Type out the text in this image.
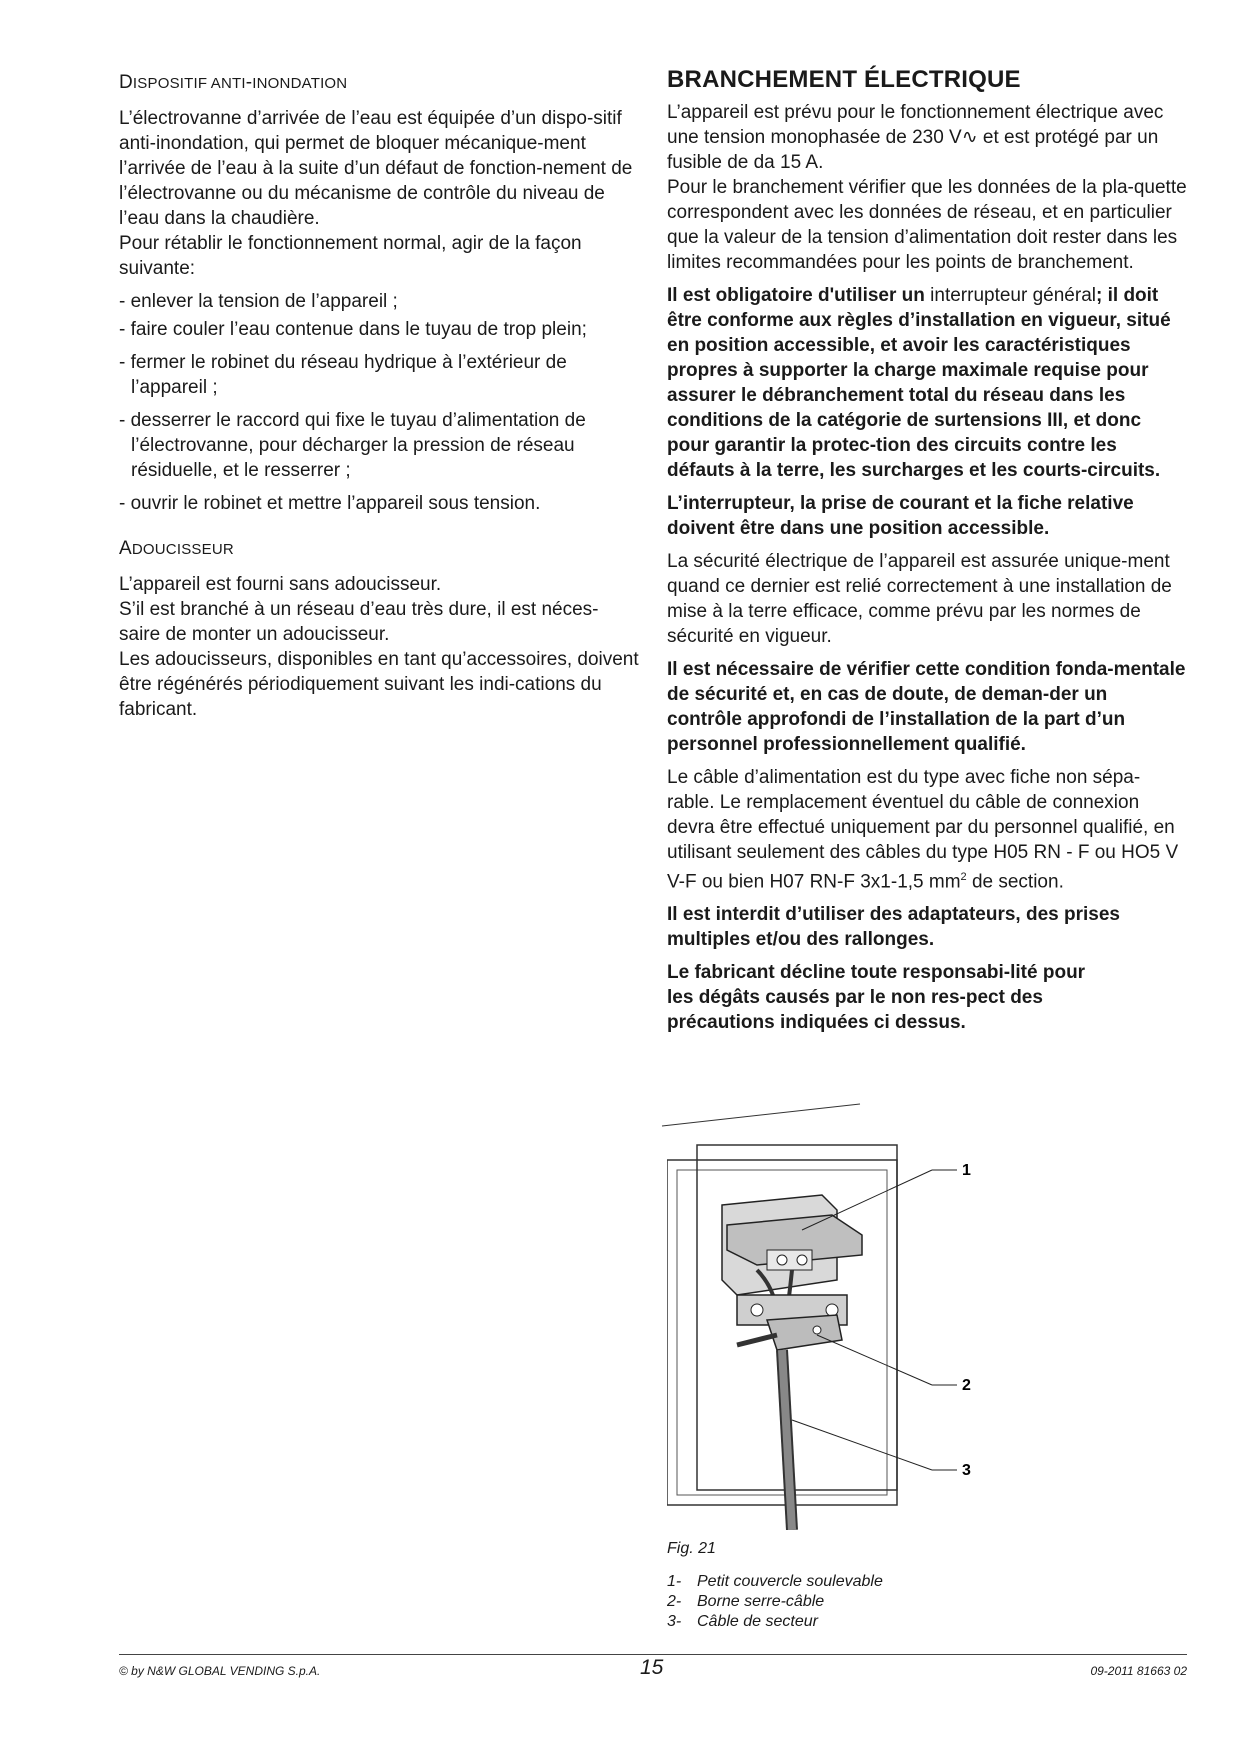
DISPOSITIF ANTI-INONDATION

L’électrovanne d’arrivée de l’eau est équipée d’un dispo-sitif anti-inondation, qui permet de bloquer mécanique-ment l’arrivée de l’eau à la suite d’un défaut de fonction-nement de l’électrovanne ou du mécanisme de contrôle du niveau de l’eau dans la chaudière.

Pour rétablir le fonctionnement normal, agir de la façon suivante:

- enlever la tension de l’appareil ;
- faire couler l’eau contenue dans le tuyau de trop plein;
- fermer le robinet du réseau hydrique à l’extérieur de l’appareil ;
- desserrer le raccord qui fixe le tuyau d’alimentation de l’électrovanne, pour décharger la pression de réseau résiduelle, et le resserrer ;
- ouvrir le robinet et mettre l’appareil sous tension.
ADOUCISSEUR

L’appareil est fourni sans adoucisseur.

S’il est branché à un réseau d’eau très dure, il est néces-saire de monter un adoucisseur.

Les adoucisseurs, disponibles en tant qu’accessoires, doivent être régénérés périodiquement suivant les indi-cations du fabricant.

BRANCHEMENT ÉLECTRIQUE

L’appareil est prévu pour le fonctionnement électrique avec une tension monophasée de 230 V∿ et est protégé par un fusible de da 15 A.

Pour le branchement vérifier que les données de la pla-quette correspondent avec les données de réseau, et en particulier que la valeur de la tension d’alimentation doit rester dans les limites recommandées pour les points de branchement.

Il est obligatoire d'utiliser un interrupteur général; il doit être conforme aux règles d’installation en vigueur, situé en position accessible, et avoir les caractéristiques propres à supporter la charge maximale requise pour assurer le débranchement total du réseau dans les conditions de la catégorie de surtensions III, et donc pour garantir la protec-tion des circuits contre les défauts à la terre, les surcharges et les courts-circuits.

L’interrupteur, la prise de courant et la fiche relative doivent être dans une position accessible.

La sécurité électrique de l’appareil est assurée unique-ment quand ce dernier est relié correctement à une installation de mise à la terre efficace, comme prévu par les normes de sécurité en vigueur.

Il est nécessaire de vérifier cette condition fonda-mentale de sécurité et, en cas de doute, de deman-der un contrôle approfondi de l’installation de la part d’un personnel professionnellement qualifié.

Le câble d’alimentation est du type avec fiche non sépa-rable. Le remplacement éventuel du câble de connexion devra être effectué uniquement par du personnel qualifié, en utilisant seulement des câbles du type H05 RN - F ou HO5 V V-F ou bien H07 RN-F 3x1-1,5 $mm^2$ de section.

Il est interdit d’utiliser des adaptateurs, des prises multiples et/ou des rallonges.

Le fabricant décline toute responsabi-lité pour les dégâts causés par le non res-pect des précautions indiquées ci dessus.

1
2
3
Fig. 21
1- Petit couvercle soulevable
2- Borne serre-câble
3- Câble de secteur
© by N&W GLOBAL VENDING S.p.A.	15	09-2011 81663 02
